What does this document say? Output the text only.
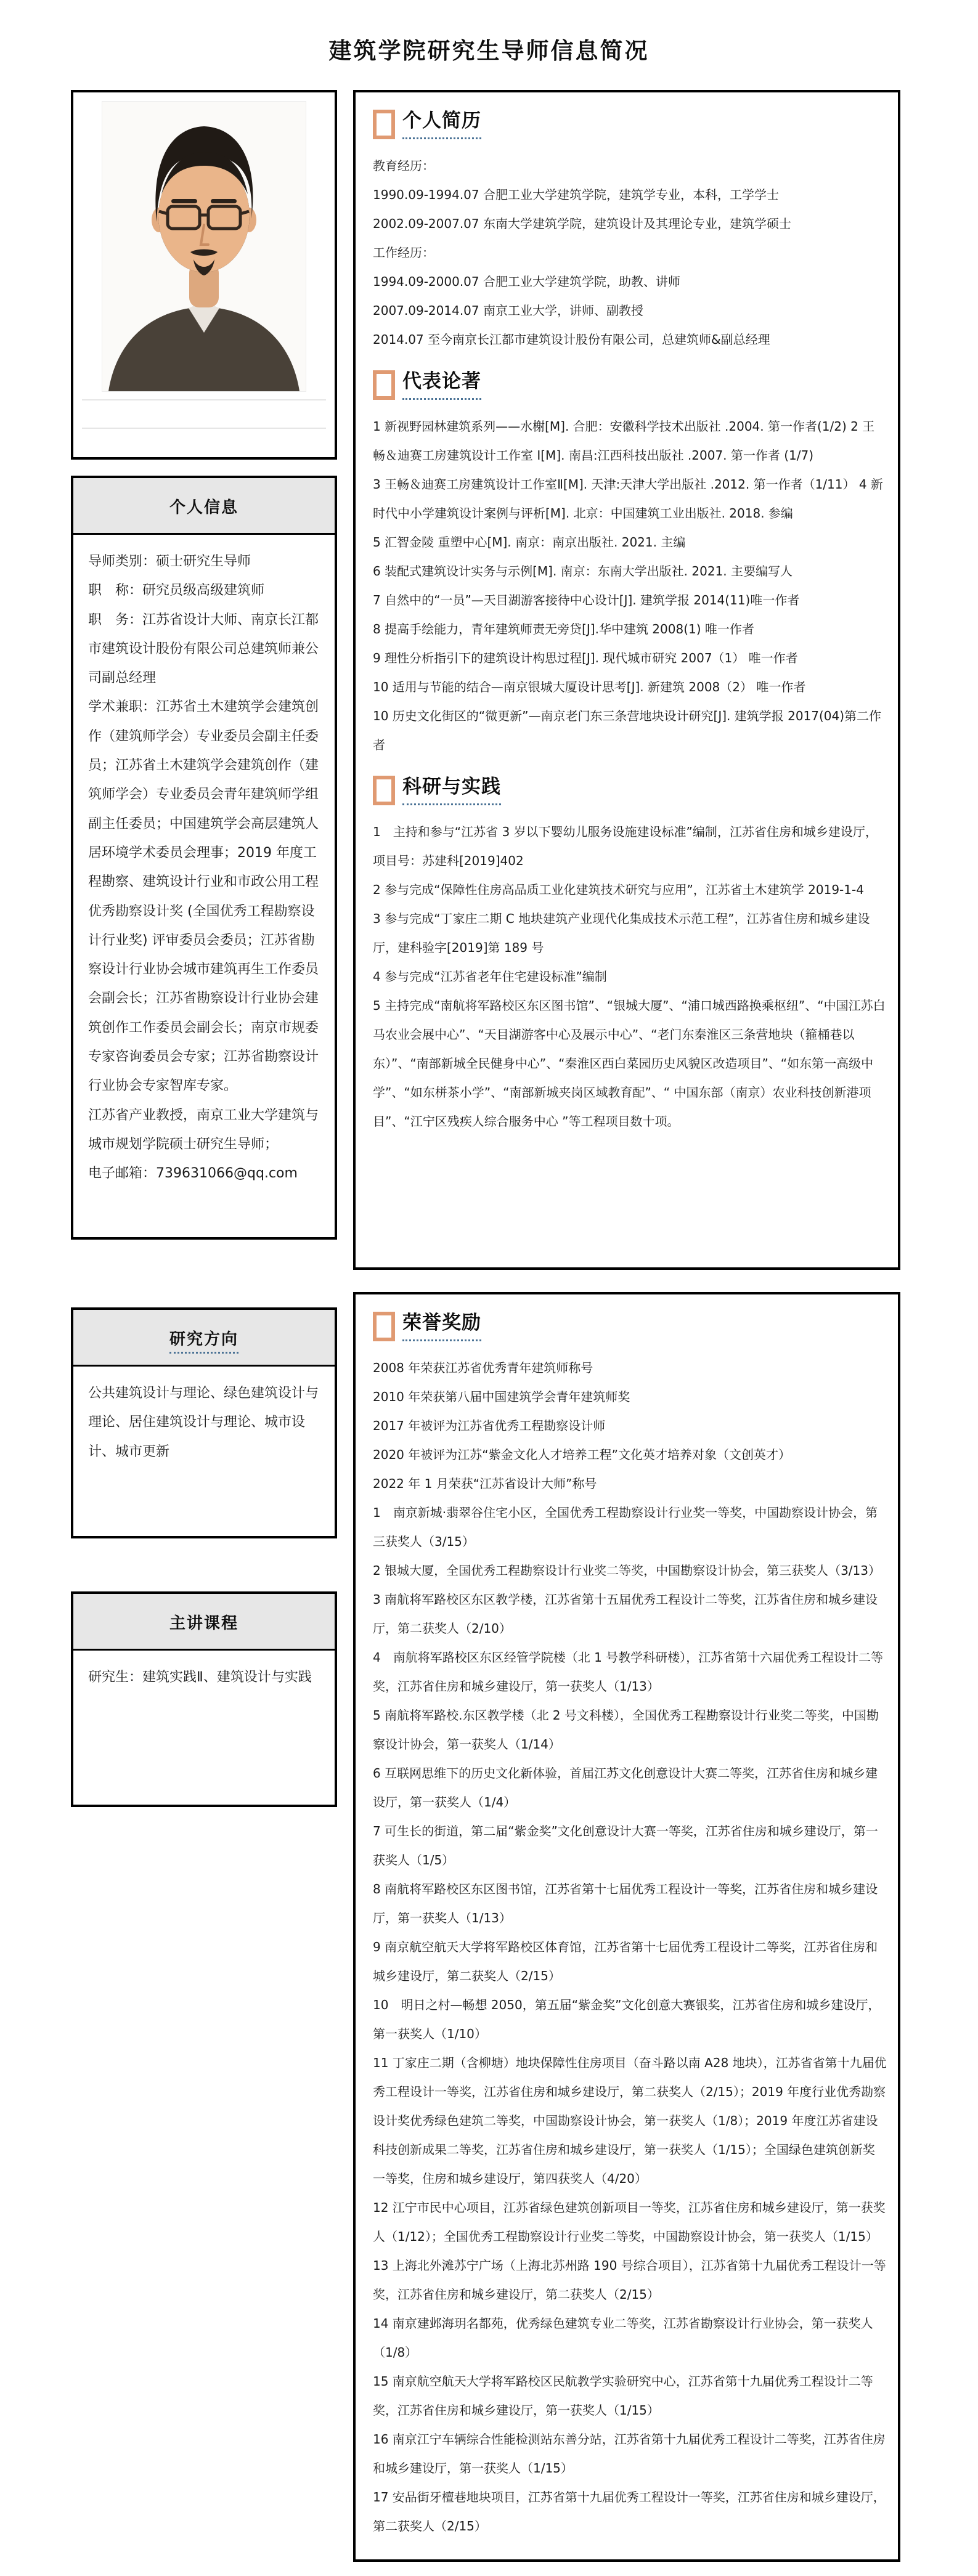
建筑学院研究生导师信息简况
个人信息

导师类别：硕士研究生导师

职　称：研究员级高级建筑师

职　务：江苏省设计大师、南京长江都市建筑设计股份有限公司总建筑师兼公司副总经理

学术兼职：江苏省土木建筑学会建筑创作（建筑师学会）专业委员会副主任委员；江苏省土木建筑学会建筑创作（建筑师学会）专业委员会青年建筑师学组副主任委员；中国建筑学会高层建筑人居环境学术委员会理事；2019 年度工程勘察、建筑设计行业和市政公用工程优秀勘察设计奖 (全国优秀工程勘察设计行业奖) 评审委员会委员；江苏省勘察设计行业协会城市建筑再生工作委员会副会长；江苏省勘察设计行业协会建筑创作工作委员会副会长；南京市规委专家咨询委员会专家；江苏省勘察设计行业协会专家智库专家。

江苏省产业教授，南京工业大学建筑与城市规划学院硕士研究生导师；

电子邮箱：739631066@qq.com

研究方向

公共建筑设计与理论、绿色建筑设计与理论、居住建筑设计与理论、城市设计、城市更新

主讲课程

研究生：建筑实践Ⅱ、建筑设计与实践

个人简历

教育经历：

1990.09-1994.07 合肥工业大学建筑学院，建筑学专业，本科，工学学士

2002.09-2007.07 东南大学建筑学院，建筑设计及其理论专业，建筑学硕士

工作经历：

1994.09-2000.07 合肥工业大学建筑学院，助教、讲师

2007.09-2014.07 南京工业大学，讲师、副教授

2014.07 至今南京长江都市建筑设计股份有限公司，总建筑师&副总经理

代表论著

1 新视野园林建筑系列——水榭[M]. 合肥：安徽科学技术出版社 .2004. 第一作者(1/2) 2 王畅＆迪赛工房建筑设计工作室 I[M]. 南昌:江西科技出版社 .2007. 第一作者 (1/7)

3 王畅＆迪赛工房建筑设计工作室Ⅱ[M]. 天津:天津大学出版社 .2012. 第一作者（1/11） 4 新时代中小学建筑设计案例与评析[M]. 北京：中国建筑工业出版社. 2018. 参编

5 汇智金陵 重塑中心[M]. 南京：南京出版社. 2021. 主编

6 装配式建筑设计实务与示例[M]. 南京：东南大学出版社. 2021. 主要编写人

7 自然中的“一员”—天目湖游客接待中心设计[J]. 建筑学报 2014(11)唯一作者

8 提高手绘能力，青年建筑师责无旁贷[J].华中建筑 2008(1) 唯一作者

9 理性分析指引下的建筑设计构思过程[J]. 现代城市研究 2007（1） 唯一作者

10 适用与节能的结合—南京银城大厦设计思考[J]. 新建筑 2008（2） 唯一作者

10 历史文化街区的“微更新”—南京老门东三条营地块设计研究[J]. 建筑学报 2017(04)第二作者

科研与实践

1　主持和参与“江苏省 3 岁以下婴幼儿服务设施建设标准”编制，江苏省住房和城乡建设厅，项目号：苏建科[2019]402

2 参与完成“保障性住房高品质工业化建筑技术研究与应用”，江苏省土木建筑学 2019-1-4

3 参与完成“丁家庄二期 C 地块建筑产业现代化集成技术示范工程”，江苏省住房和城乡建设厅，建科验字[2019]第 189 号

4 参与完成“江苏省老年住宅建设标准”编制

5 主持完成“南航将军路校区东区图书馆”、“银城大厦”、“浦口城西路换乘枢纽”、“中国江苏白马农业会展中心”、“天目湖游客中心及展示中心”、“老门东秦淮区三条营地块（箍桶巷以东）”、“南部新城全民健身中心”、“秦淮区西白菜园历史风貌区改造项目”、“如东第一高级中学”、“如东栟茶小学”、“南部新城夹岗区域教育配”、“ 中国东部（南京）农业科技创新港项目”、“江宁区残疾人综合服务中心 ”等工程项目数十项。

荣誉奖励

2008 年荣获江苏省优秀青年建筑师称号

2010 年荣获第八届中国建筑学会青年建筑师奖

2017 年被评为江苏省优秀工程勘察设计师

2020 年被评为江苏“紫金文化人才培养工程”文化英才培养对象（文创英才）

2022 年 1 月荣获“江苏省设计大师”称号

1　南京新城·翡翠谷住宅小区，全国优秀工程勘察设计行业奖一等奖，中国勘察设计协会，第三获奖人（3/15）

2 银城大厦，全国优秀工程勘察设计行业奖二等奖，中国勘察设计协会，第三获奖人（3/13）

3 南航将军路校区东区教学楼，江苏省第十五届优秀工程设计二等奖，江苏省住房和城乡建设厅，第二获奖人（2/10）

4　南航将军路校区东区经管学院楼（北 1 号教学科研楼），江苏省第十六届优秀工程设计二等奖，江苏省住房和城乡建设厅，第一获奖人（1/13）

5 南航将军路校.东区教学楼（北 2 号文科楼），全国优秀工程勘察设计行业奖二等奖，中国勘察设计协会，第一获奖人（1/14）

6 互联网思维下的历史文化新体验，首届江苏文化创意设计大赛二等奖，江苏省住房和城乡建设厅，第一获奖人（1/4）

7 可生长的街道，第二届“紫金奖”文化创意设计大赛一等奖，江苏省住房和城乡建设厅，第一获奖人（1/5）

8 南航将军路校区东区图书馆，江苏省第十七届优秀工程设计一等奖，江苏省住房和城乡建设厅，第一获奖人（1/13）

9 南京航空航天大学将军路校区体育馆，江苏省第十七届优秀工程设计二等奖，江苏省住房和城乡建设厅，第二获奖人（2/15）

10　明日之村—畅想 2050，第五届“紫金奖”文化创意大赛银奖，江苏省住房和城乡建设厅，第一获奖人（1/10）

11 丁家庄二期（含柳塘）地块保障性住房项目（奋斗路以南 A28 地块），江苏省省第十九届优秀工程设计一等奖，江苏省住房和城乡建设厅，第二获奖人（2/15）；2019 年度行业优秀勘察设计奖优秀绿色建筑二等奖，中国勘察设计协会，第一获奖人（1/8）；2019 年度江苏省建设科技创新成果二等奖，江苏省住房和城乡建设厅，第一获奖人（1/15）；全国绿色建筑创新奖一等奖，住房和城乡建设厅，第四获奖人（4/20）

12 江宁市民中心项目，江苏省绿色建筑创新项目一等奖，江苏省住房和城乡建设厅，第一获奖人（1/12）；全国优秀工程勘察设计行业奖二等奖，中国勘察设计协会，第一获奖人（1/15）

13 上海北外滩苏宁广场（上海北苏州路 190 号综合项目），江苏省第十九届优秀工程设计一等奖，江苏省住房和城乡建设厅，第二获奖人（2/15）

14 南京建邺海玥名都苑，优秀绿色建筑专业二等奖，江苏省勘察设计行业协会，第一获奖人（1/8）

15 南京航空航天大学将军路校区民航教学实验研究中心，江苏省第十九届优秀工程设计二等奖，江苏省住房和城乡建设厅，第一获奖人（1/15）

16 南京江宁车辆综合性能检测站东善分站，江苏省第十九届优秀工程设计二等奖，江苏省住房和城乡建设厅，第一获奖人（1/15）

17 安品街牙檀巷地块项目，江苏省第十九届优秀工程设计一等奖，江苏省住房和城乡建设厅，第二获奖人（2/15）
